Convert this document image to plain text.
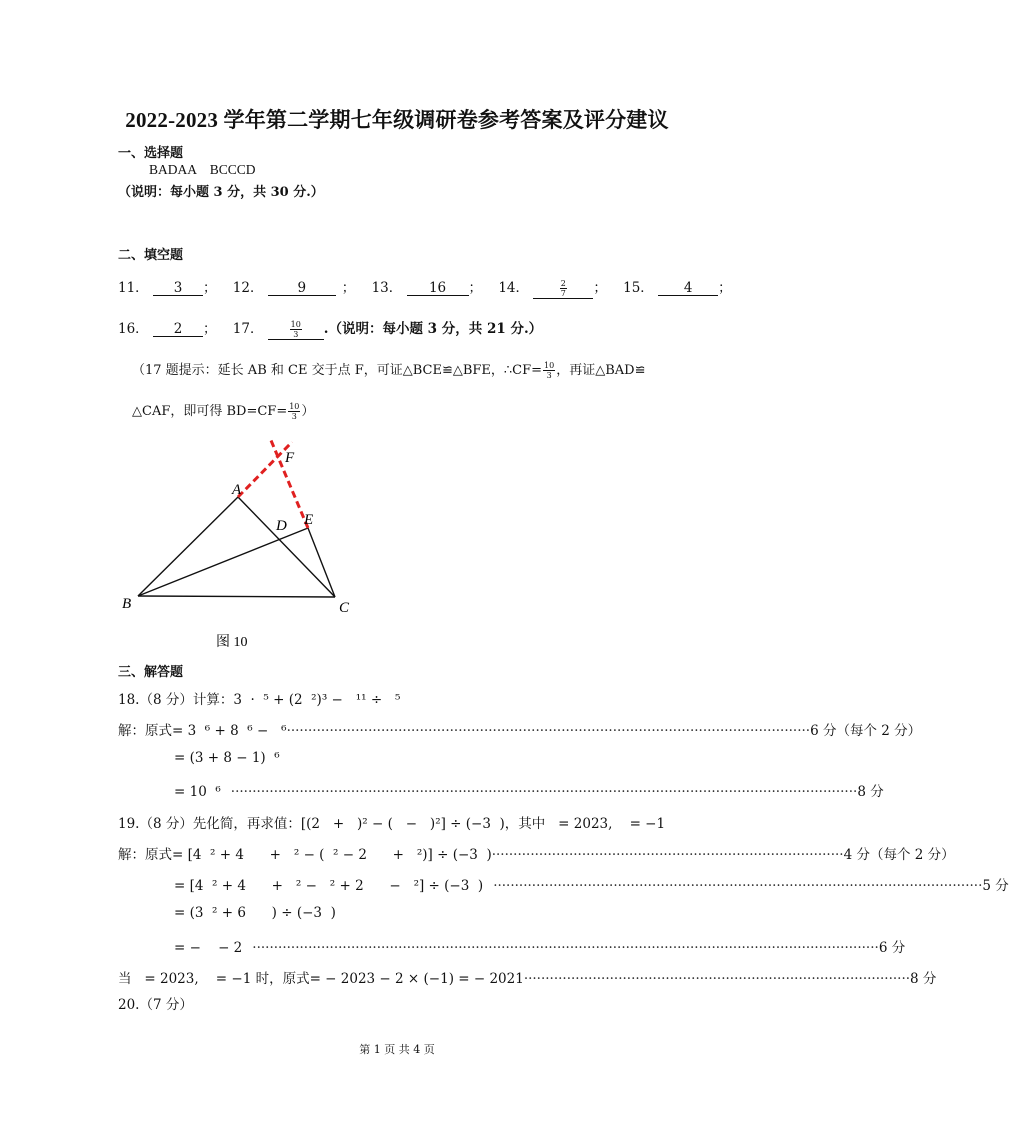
2022-2023 学年第二学期七年级调研卷参考答案及评分建议
一、选择题
BADAA    BCCCD
（说明：每小题 3 分，共 30 分.）
二、填空题
11． 3 ； 12．	9	； 13． 16 ； 14．	$\frac{2}{7}$ ； 15． 4 ；
16． 2 ； 17．	$\frac{10}{3}$ .（说明：每小题 3 分，共 21 分.）
（17 题提示：延长 AB 和 CE 交于点 F，可证△BCE≌△BFE，∴CF= $\frac{10}{3}$ ，再证△BAD≌
△CAF，即可得 $BD=CF= \frac{10}{3}$ ）
A
B	C
D E
F
图 10
三、解答题
18.（8 分）计算：3  ·  ⁵ + (2  ²)³ −   ¹¹ ÷   ⁵
解：原式= 3  ⁶ + 8  ⁶ −   ⁶ ·························································································································· 6 分（每个 2 分）
= (3 + 8 − 1)  ⁶
= 10  ⁶ ·················································································································································· 8 分
19.（8 分）先化简，再求值：[(2   +   )² − (   −   )²] ÷ (−3  )，其中   = 2023,    = −1
解：原式= [4  ² + 4      +   ² − (  ² − 2      +   ²)] ÷ (−3  ) ·················································································· 4 分（每个 2 分）
= [4  ² + 4      +   ² −   ² + 2      −   ²] ÷ (−3  ) ·················································································································· 5 分
= (3  ² + 6      ) ÷ (−3  )
= −    − 2 ·················································································································································· 6 分
当   = 2023,    = −1 时，原式= − 2023 − 2 × (−1) = − 2021 ·························································································· 8 分
20.（7 分）
第 1 页 共 4 页
